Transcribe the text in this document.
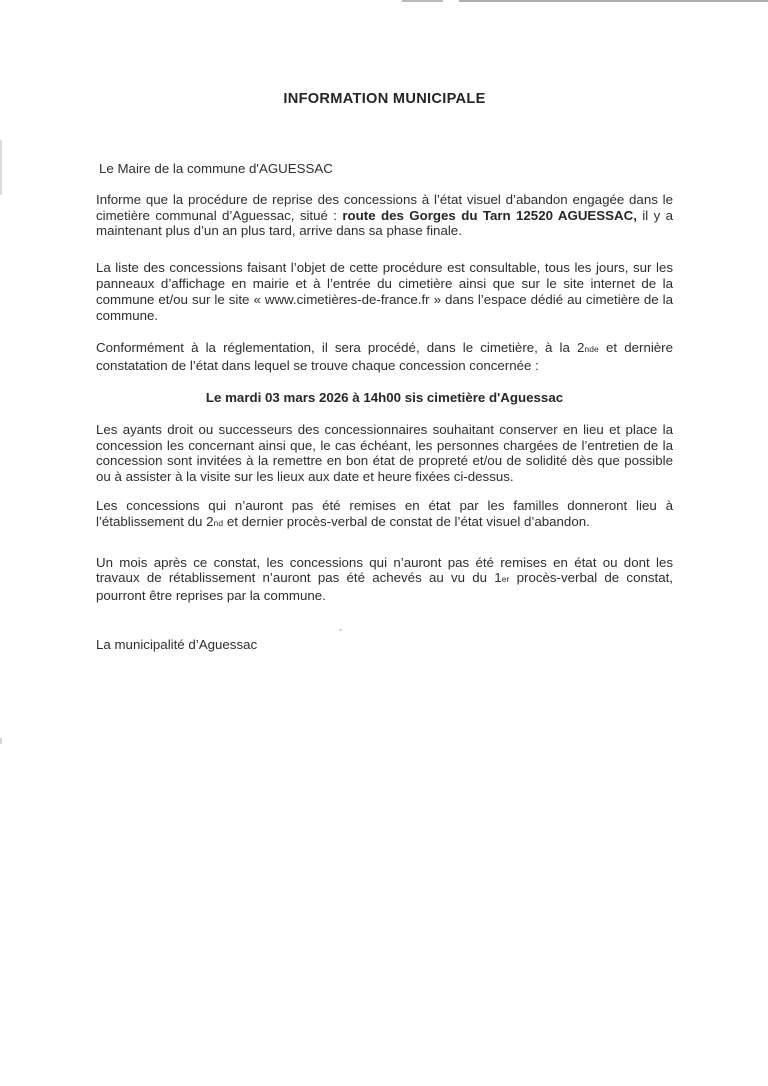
INFORMATION MUNICIPALE

Le Maire de la commune d'AGUESSAC

Informe que la procédure de reprise des concessions à l’état visuel d’abandon engagée dans le cimetière communal d’Aguessac, situé : route des Gorges du Tarn 12520 AGUESSAC, il y a maintenant plus d’un an plus tard, arrive dans sa phase finale.

La liste des concessions faisant l’objet de cette procédure est consultable, tous les jours, sur les panneaux d’affichage en mairie et à l’entrée du cimetière ainsi que sur le site internet de la commune et/ou sur le site « www.cimetières-de-france.fr » dans l’espace dédié au cimetière de la commune.

Conformément à la réglementation, il sera procédé, dans le cimetière, à la 2nde et dernière constatation de l’état dans lequel se trouve chaque concession concernée :

Le mardi 03 mars 2026 à 14h00 sis cimetière d'Aguessac

Les ayants droit ou successeurs des concessionnaires souhaitant conserver en lieu et place la concession les concernant ainsi que, le cas échéant, les personnes chargées de l’entretien de la concession sont invitées à la remettre en bon état de propreté et/ou de solidité dès que possible ou à assister à la visite sur les lieux aux date et heure fixées ci-dessus.

Les concessions qui n’auront pas été remises en état par les familles donneront lieu à l’établissement du 2nd et dernier procès-verbal de constat de l’état visuel d’abandon.

Un mois après ce constat, les concessions qui n’auront pas été remises en état ou dont les travaux de rétablissement n’auront pas été achevés au vu du 1er procès-verbal de constat, pourront être reprises par la commune.

La municipalité d’Aguessac
